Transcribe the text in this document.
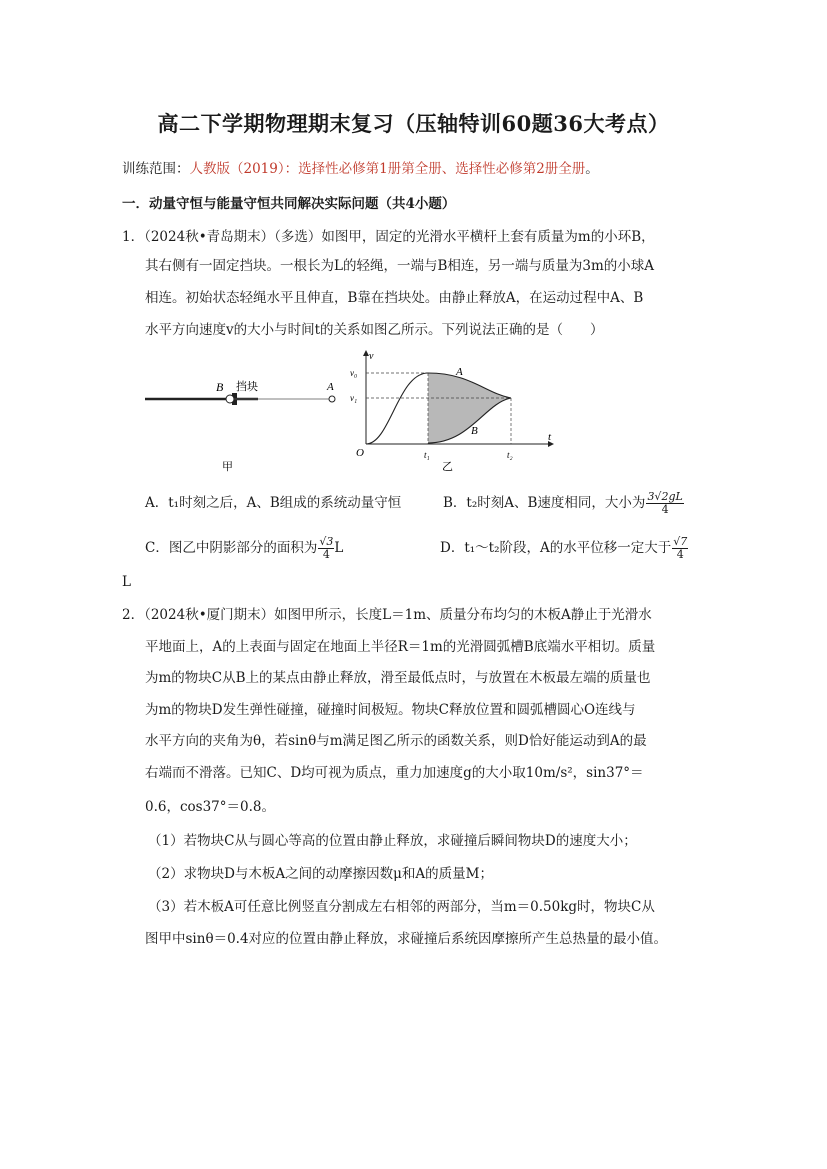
高二下学期物理期末复习（压轴特训60题36大考点）
训练范围：人教版（2019）：选择性必修第1册第全册、选择性必修第2册全册。
一．动量守恒与能量守恒共同解决实际问题（共4小题）
1．（2024秋•青岛期末）（多选）如图甲，固定的光滑水平横杆上套有质量为m的小环B，
其右侧有一固定挡块。一根长为L的轻绳，一端与B相连，另一端与质量为3m的小球A
相连。初始状态轻绳水平且伸直，B靠在挡块处。由静止释放A，在运动过程中A、B
水平方向速度v的大小与时间t的关系如图乙所示。下列说法正确的是（　　）
B 挡块	A
甲
v
t
v₀
v₁
O	t₁	t₂
A
B
乙
A．t₁时刻之后，A、B组成的系统动量守恒	B．t₂时刻A、B速度相同，大小为 $\frac{3√2gL}{4}$
C．图乙中阴影部分的面积为 $\frac{√3}{4}$ L	D．t₁～t₂阶段，A的水平位移一定大于 $\frac{√7}{4}$
L
2．（2024秋•厦门期末）如图甲所示，长度L＝1m、质量分布均匀的木板A静止于光滑水
平地面上，A的上表面与固定在地面上半径R＝1m的光滑圆弧槽B底端水平相切。质量
为m的物块C从B上的某点由静止释放，滑至最低点时，与放置在木板最左端的质量也
为m的物块D发生弹性碰撞，碰撞时间极短。物块C释放位置和圆弧槽圆心O连线与
水平方向的夹角为θ，若sinθ与m满足图乙所示的函数关系，则D恰好能运动到A的最
右端而不滑落。已知C、D均可视为质点，重力加速度g的大小取10m/s²，sin37°＝
0.6，cos37°＝0.8。
（1）若物块C从与圆心等高的位置由静止释放，求碰撞后瞬间物块D的速度大小；
（2）求物块D与木板A之间的动摩擦因数μ和A的质量M；
（3）若木板A可任意比例竖直分割成左右相邻的两部分，当m＝0.50kg时，物块C从
图甲中sinθ＝0.4对应的位置由静止释放，求碰撞后系统因摩擦所产生总热量的最小值。
